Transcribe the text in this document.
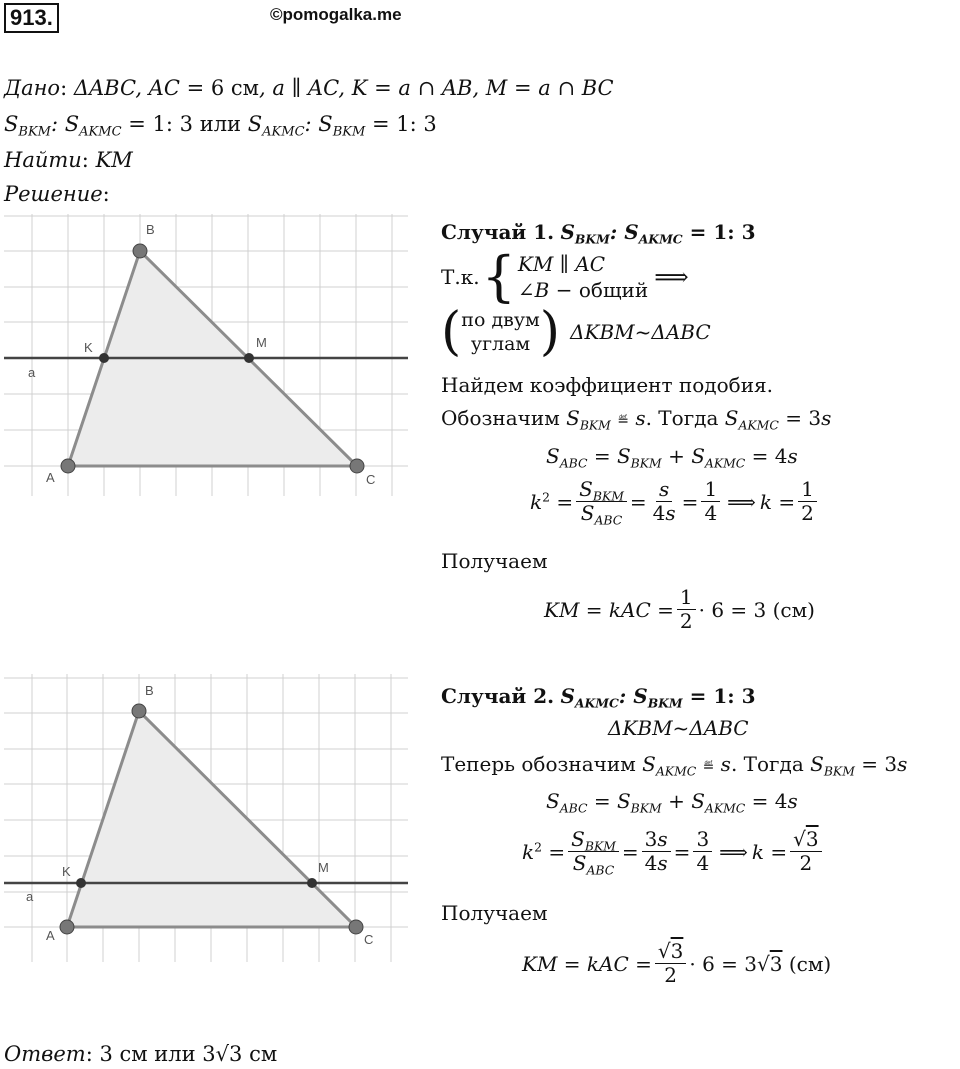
913.	©pomogalka.me
Дано: ΔABC, AC = 6 см, a ∥ AC, K = a ∩ AB, M = a ∩ BC
$S_{BKM}$: $S_{AKMC} = 1$: 3 или $S_{AKMC}$: $S_{BKM} = 1$: 3
Найти: KM
Решение:
A
B
C
K	M
a
Случай 1. $S_{BKM}$: $S_{AKMC} = 1$: 3
Т.к. { KM ∥ AC
∠B − общий ⟹
( по двум
углам ) ΔKBM~ΔABC
Найдем коэффициент подобия.
Обозначим $S_{BKM}$ ≝ s. Тогда $S_{AKMC} = 3s$
$S_{ABC} = S_{BKM} + S_{AKMC} = 4s$
$k^2 = \frac{S_{BKM}}{S_{ABC}} = \frac{s}{4s} = \frac{1}{4}$ ⟹ $k = \frac{1}{2}$
Получаем
KM = kAC = $\frac{1}{2} \cdot 6 = 3$ (см)
A
B
C
K	M
a
Случай 2. $S_{AKMC}$: $S_{BKM} = 1$: 3
ΔKBM~ΔABC
Теперь обозначим $S_{AKMC}$ ≝ s. Тогда $S_{BKM} = 3s$
$S_{ABC} = S_{BKM} + S_{AKMC} = 4s$
$k^2 = \frac{S_{BKM}}{S_{ABC}} = \frac{3s}{4s} = \frac{3}{4}$ ⟹ $k = \frac{√3}{2}$
Получаем
KM = kAC = $\frac{√3}{2} \cdot 6 = 3√3$ (см)
Ответ: 3 см или 3√3 см
